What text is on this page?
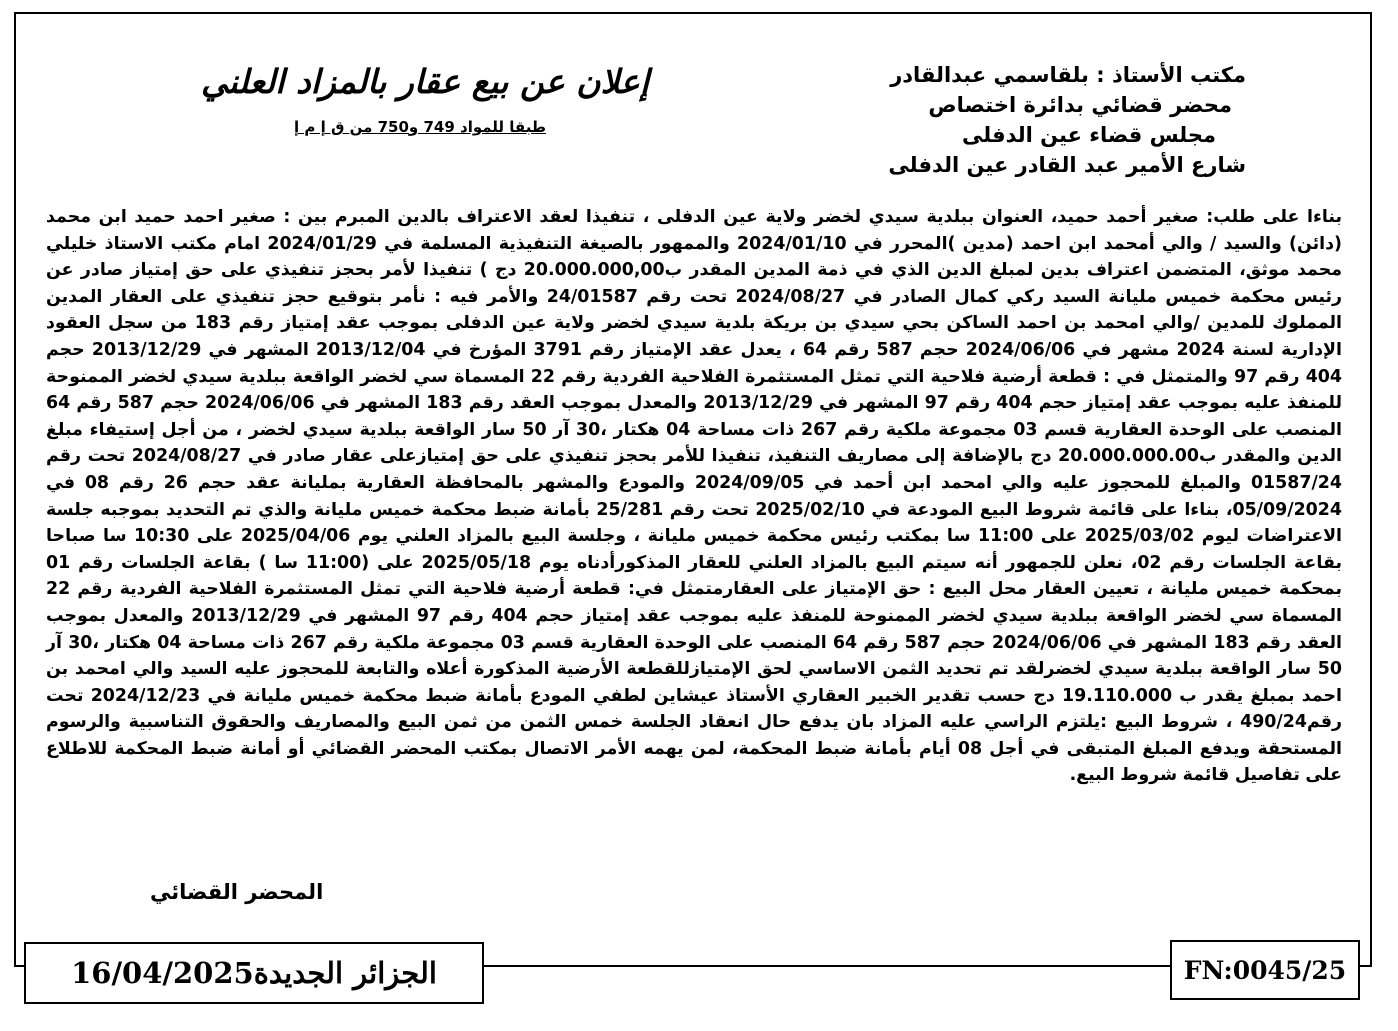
مكتب الأستاذ : بلقاسمي عبدالقادر
محضر قضائي بدائرة اختصاص
مجلس قضاء عين الدفلى
شارع الأمير عبد القادر عين الدفلى
إعلان عن بيع عقار بالمزاد العلني
طبقا للمواد 749 و750 من ق إ م إ
بناءا على طلب: صغير أحمد حميد، العنوان ببلدية سيدي لخضر ولاية عين الدفلى ، تنفيذا لعقد الاعتراف بالدين المبرم بين : صغير احمد حميد ابن محمد (دائن) والسيد / والي أمحمد ابن احمد (مدين )المحرر في 2024/01/10 والممهور بالصيغة التنفيذية المسلمة في 2024/01/29 امام مكتب الاستاذ خليلي محمد موثق، المتضمن اعتراف بدين لمبلغ الدين الذي في ذمة المدين المقدر ب20.000.000,00 دج ) تنفيذا لأمر بحجز تنفيذي على حق إمتياز صادر عن رئيس محكمة خميس مليانة السيد ركي كمال الصادر في 2024/08/27 تحت رقم 24/01587 والأمر فيه : نأمر بتوقيع حجز تنفيذي على العقار المدين المملوك للمدين /والي امحمد بن احمد الساكن بحي سيدي بن بريكة بلدية سيدي لخضر ولاية عين الدفلى بموجب عقد إمتياز رقم 183 من سجل العقود الإدارية لسنة 2024 مشهر في 2024/06/06 حجم 587 رقم 64 ، يعدل عقد الإمتياز رقم 3791 المؤرخ في 2013/12/04 المشهر في 2013/12/29 حجم 404 رقم 97 والمتمثل في : قطعة أرضية فلاحية التي تمثل المستثمرة الفلاحية الفردية رقم 22 المسماة سي لخضر الواقعة ببلدية سيدي لخضر الممنوحة للمنفذ عليه بموجب عقد إمتياز حجم 404 رقم 97 المشهر في 2013/12/29 والمعدل بموجب العقد رقم 183 المشهر في 2024/06/06 حجم 587 رقم 64 المنصب على الوحدة العقارية قسم 03 مجموعة ملكية رقم 267 ذات مساحة 04 هكتار ،30 آر 50 سار الواقعة ببلدية سيدي لخضر ، من أجل إستيفاء مبلغ الدين والمقدر ب20.000.000.00 دج بالإضافة إلى مصاريف التنفيذ، تنفيذا للأمر بحجز تنفيذي على حق إمتيازعلى عقار صادر في 2024/08/27 تحت رقم 01587/24 والمبلغ للمحجوز عليه والي امحمد ابن أحمد في 2024/09/05 والمودع والمشهر بالمحافظة العقارية بمليانة عقد حجم 26 رقم 08 في 05/09/2024، بناءا على قائمة شروط البيع المودعة في 2025/02/10 تحت رقم 25/281 بأمانة ضبط محكمة خميس مليانة والذي تم التحديد بموجبه جلسة الاعتراضات ليوم 2025/03/02 على 11:00 سا بمكتب رئيس محكمة خميس مليانة ، وجلسة البيع بالمزاد العلني يوم 2025/04/06 على 10:30 سا صباحا بقاعة الجلسات رقم 02، نعلن للجمهور أنه سيتم البيع بالمزاد العلني للعقار المذكورأدناه يوم 2025/05/18 على (11:00 سا ) بقاعة الجلسات رقم 01 بمحكمة خميس مليانة ، تعيين العقار محل البيع : حق الإمتياز على العقارمتمثل في: قطعة أرضية فلاحية التي تمثل المستثمرة الفلاحية الفردية رقم 22 المسماة سي لخضر الواقعة ببلدية سيدي لخضر الممنوحة للمنفذ عليه بموجب عقد إمتياز حجم 404 رقم 97 المشهر في 2013/12/29 والمعدل بموجب العقد رقم 183 المشهر في 2024/06/06 حجم 587 رقم 64 المنصب على الوحدة العقارية قسم 03 مجموعة ملكية رقم 267 ذات مساحة 04 هكتار ،30 آر 50 سار الواقعة ببلدية سيدي لخضرلقد تم تحديد الثمن الاساسي لحق الإمتيازللقطعة الأرضية المذكورة أعلاه والتابعة للمحجوز عليه السيد والي امحمد بن احمد بمبلغ يقدر ب 19.110.000 دج حسب تقدير الخبير العقاري الأستاذ عيشاين لطفي المودع بأمانة ضبط محكمة خميس مليانة في 2024/12/23 تحت رقم490/24 ، شروط البيع :يلتزم الراسي عليه المزاد بان يدفع حال انعقاد الجلسة خمس الثمن من ثمن البيع والمصاريف والحقوق التناسبية والرسوم المستحقة ويدفع المبلغ المتبقى في أجل 08 أيام بأمانة ضبط المحكمة، لمن يهمه الأمر الاتصال بمكتب المحضر القضائي أو أمانة ضبط المحكمة للاطلاع على تفاصيل قائمة شروط البيع.
المحضر القضائي
الجزائر الجديدة16/04/2025	FN:0045/25
